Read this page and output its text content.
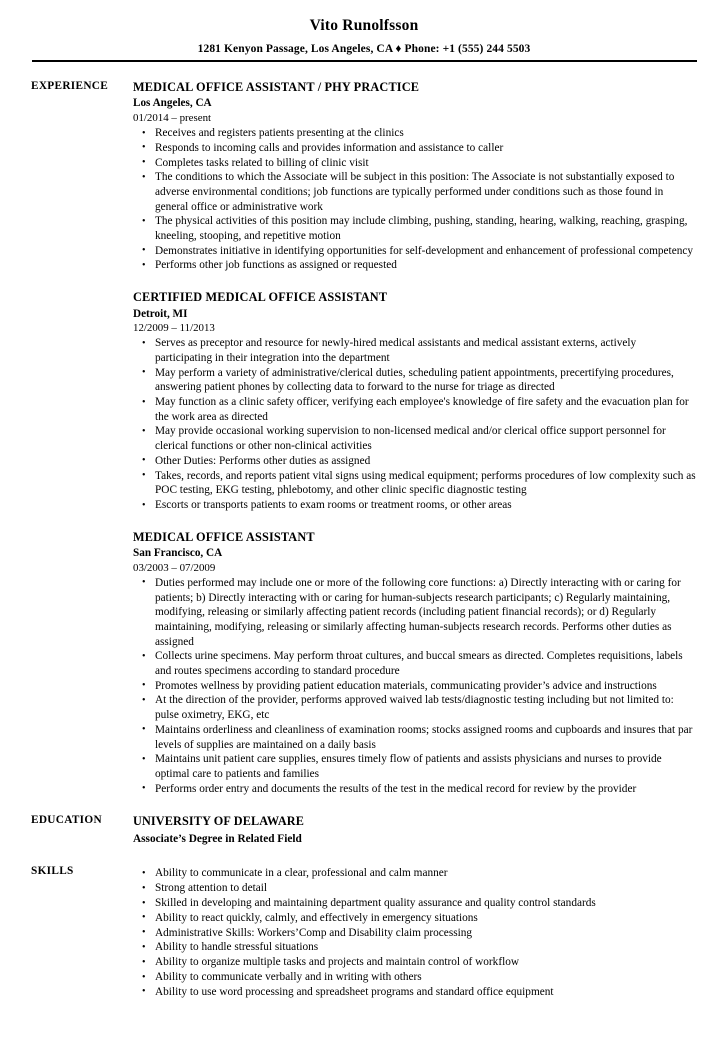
Vito Runolfsson
1281 Kenyon Passage, Los Angeles, CA ♦ Phone: +1 (555) 244 5503
EXPERIENCE	MEDICAL OFFICE ASSISTANT / PHY PRACTICE
Los Angeles, CA
01/2014 – present
• Receives and registers patients presenting at the clinics
• Responds to incoming calls and provides information and assistance to caller
• Completes tasks related to billing of clinic visit
• The conditions to which the Associate will be subject in this position: The Associate is not substantially exposed to adverse environmental conditions; job functions are typically performed under conditions such as those found in general office or administrative work
• The physical activities of this position may include climbing, pushing, standing, hearing, walking, reaching, grasping, kneeling, stooping, and repetitive motion
• Demonstrates initiative in identifying opportunities for self-development and enhancement of professional competency
• Performs other job functions as assigned or requested
CERTIFIED MEDICAL OFFICE ASSISTANT
Detroit, MI
12/2009 – 11/2013
• Serves as preceptor and resource for newly-hired medical assistants and medical assistant externs, actively participating in their integration into the department
• May perform a variety of administrative/clerical duties, scheduling patient appointments, precertifying procedures, answering patient phones by collecting data to forward to the nurse for triage as directed
• May function as a clinic safety officer, verifying each employee's knowledge of fire safety and the evacuation plan for the work area as directed
• May provide occasional working supervision to non-licensed medical and/or clerical office support personnel for clerical functions or other non-clinical activities
• Other Duties: Performs other duties as assigned
• Takes, records, and reports patient vital signs using medical equipment; performs procedures of low complexity such as POC testing, EKG testing, phlebotomy, and other clinic specific diagnostic testing
• Escorts or transports patients to exam rooms or treatment rooms, or other areas
MEDICAL OFFICE ASSISTANT
San Francisco, CA
03/2003 – 07/2009
• Duties performed may include one or more of the following core functions: a) Directly interacting with or caring for patients; b) Directly interacting with or caring for human-subjects research participants; c) Regularly maintaining, modifying, releasing or similarly affecting patient records (including patient financial records); or d) Regularly maintaining, modifying, releasing or similarly affecting human-subjects research records. Performs other duties as assigned
• Collects urine specimens. May perform throat cultures, and buccal smears as directed. Completes requisitions, labels and routes specimens according to standard procedure
• Promotes wellness by providing patient education materials, communicating provider’s advice and instructions
• At the direction of the provider, performs approved waived lab tests/diagnostic testing including but not limited to: pulse oximetry, EKG, etc
• Maintains orderliness and cleanliness of examination rooms; stocks assigned rooms and cupboards and insures that par levels of supplies are maintained on a daily basis
• Maintains unit patient care supplies, ensures timely flow of patients and assists physicians and nurses to provide optimal care to patients and families
• Performs order entry and documents the results of the test in the medical record for review by the provider
EDUCATION	UNIVERSITY OF DELAWARE
Associate’s Degree in Related Field
SKILLS	• Ability to communicate in a clear, professional and calm manner
• Strong attention to detail
• Skilled in developing and maintaining department quality assurance and quality control standards
• Ability to react quickly, calmly, and effectively in emergency situations
• Administrative Skills: Workers’Comp and Disability claim processing
• Ability to handle stressful situations
• Ability to organize multiple tasks and projects and maintain control of workflow
• Ability to communicate verbally and in writing with others
• Ability to use word processing and spreadsheet programs and standard office equipment
